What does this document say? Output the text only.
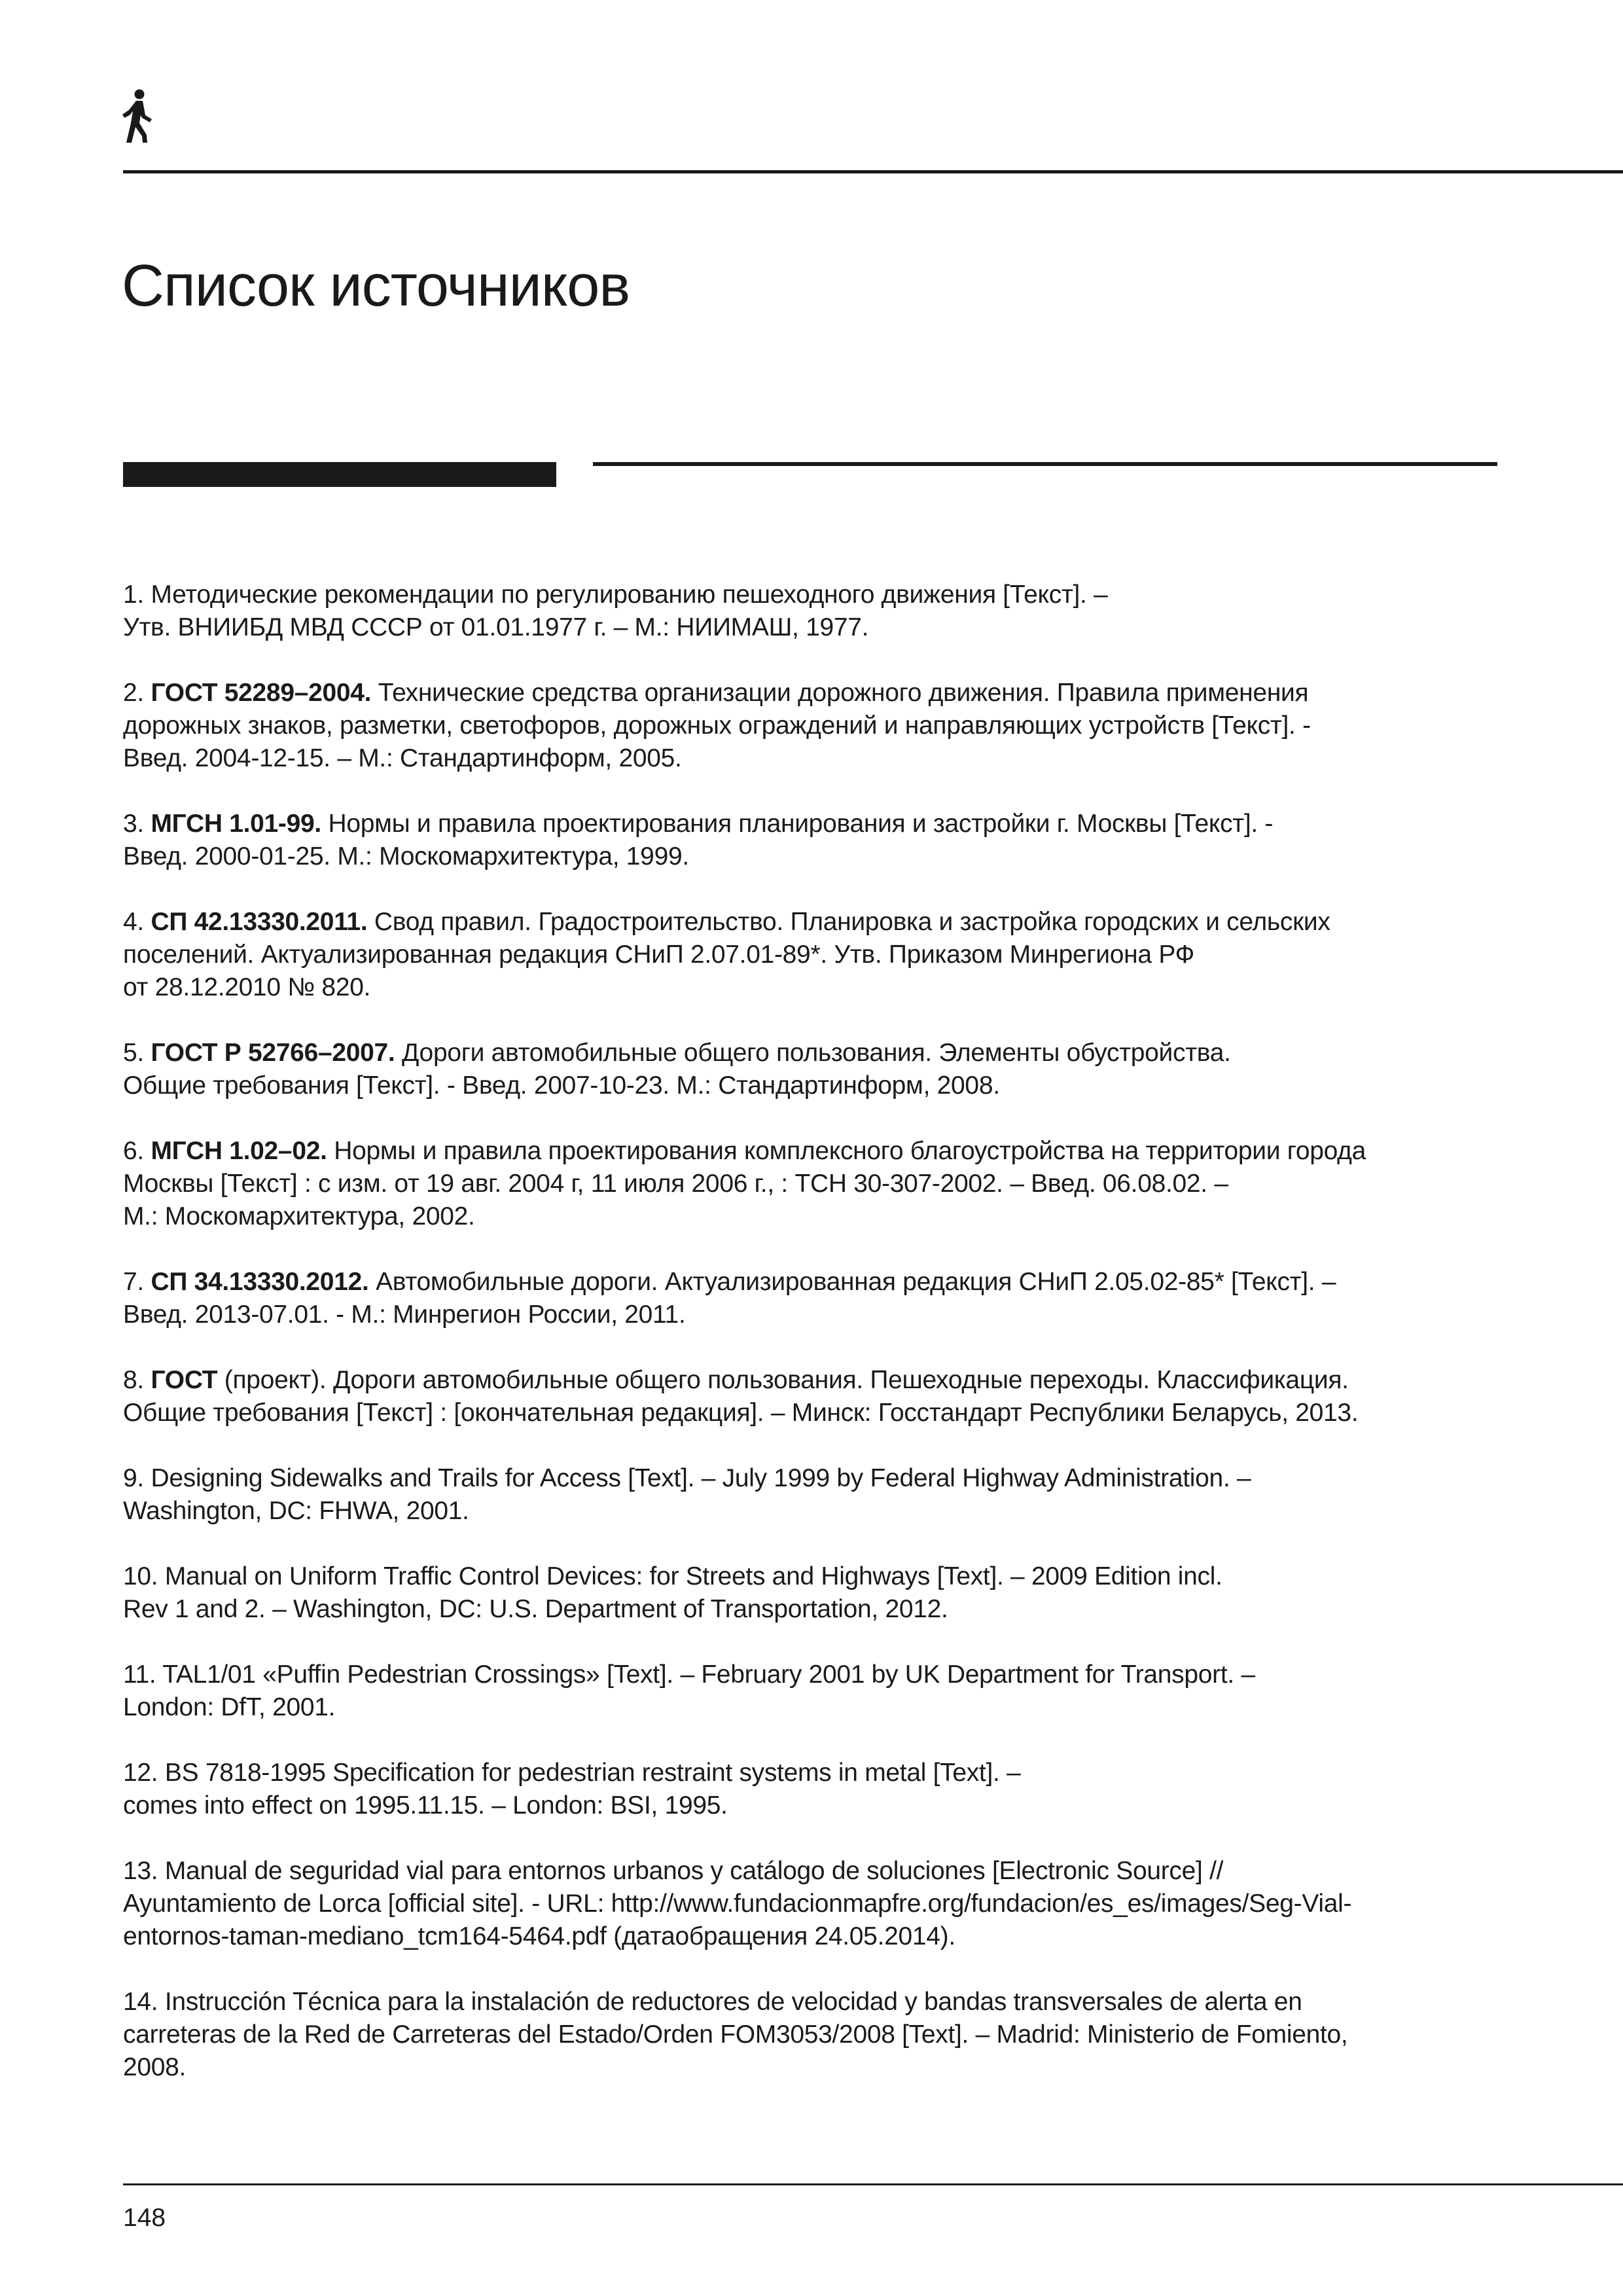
Список источников
1. Методические рекомендации по регулированию пешеходного движения [Текст]. –
Утв. ВНИИБД МВД СССР от 01.01.1977 г. – М.: НИИМАШ, 1977.
2. ГОСТ 52289–2004. Технические средства организации дорожного движения. Правила применения
дорожных знаков, разметки, светофоров, дорожных ограждений и направляющих устройств [Текст]. -
Введ. 2004-12-15. – М.: Стандартинформ, 2005.
3. МГСН 1.01-99. Нормы и правила проектирования планирования и застройки г. Москвы [Текст]. -
Введ. 2000-01-25. М.: Москомархитектура, 1999.
4. СП 42.13330.2011. Свод правил. Градостроительство. Планировка и застройка городских и сельских
поселений. Актуализированная редакция СНиП 2.07.01-89*. Утв. Приказом Минрегиона РФ
от 28.12.2010 № 820.
5. ГОСТ Р 52766–2007. Дороги автомобильные общего пользования. Элементы обустройства.
Общие требования [Текст]. - Введ. 2007-10-23. М.: Стандартинформ, 2008.
6. МГСН 1.02–02. Нормы и правила проектирования комплексного благоустройства на территории города
Москвы [Текст] : с изм. от 19 авг. 2004 г, 11 июля 2006 г., : ТСН 30-307-2002. – Введ. 06.08.02. –
М.: Москомархитектура, 2002.
7. СП 34.13330.2012. Автомобильные дороги. Актуализированная редакция СНиП 2.05.02-85* [Текст]. –
Введ. 2013-07.01. - М.: Минрегион России, 2011.
8. ГОСТ (проект). Дороги автомобильные общего пользования. Пешеходные переходы. Классификация.
Общие требования [Текст] : [окончательная редакция]. – Минск: Госстандарт Республики Беларусь, 2013.
9. Designing Sidewalks and Trails for Access [Text]. – July 1999 by Federal Highway Administration. –
Washington, DC: FHWA, 2001.
10. Manual on Uniform Traffic Control Devices: for Streets and Highways [Text]. – 2009 Edition incl.
Rev 1 and 2. – Washington, DC: U.S. Department of Transportation, 2012.
11. TAL1/01 «Puffin Pedestrian Crossings» [Text]. – February 2001 by UK Department for Transport. –
London: DfT, 2001.
12. BS 7818-1995 Specification for pedestrian restraint systems in metal [Text]. –
comes into effect on 1995.11.15. – London: BSI, 1995.
13. Manual de seguridad vial para entornos urbanos y catálogo de soluciones [Electronic Source] //
Ayuntamiento de Lorca [official site]. - URL: http://www.fundacionmapfre.org/fundacion/es_es/images/Seg-Vial-
entornos-taman-mediano_tcm164-5464.pdf (датаобращения 24.05.2014).
14. Instrucción Técnica para la instalación de reductores de velocidad y bandas transversales de alerta en
carreteras de la Red de Carreteras del Estado/Orden FOM3053/2008 [Text]. – Madrid: Ministerio de Fomiento,
2008.
148
